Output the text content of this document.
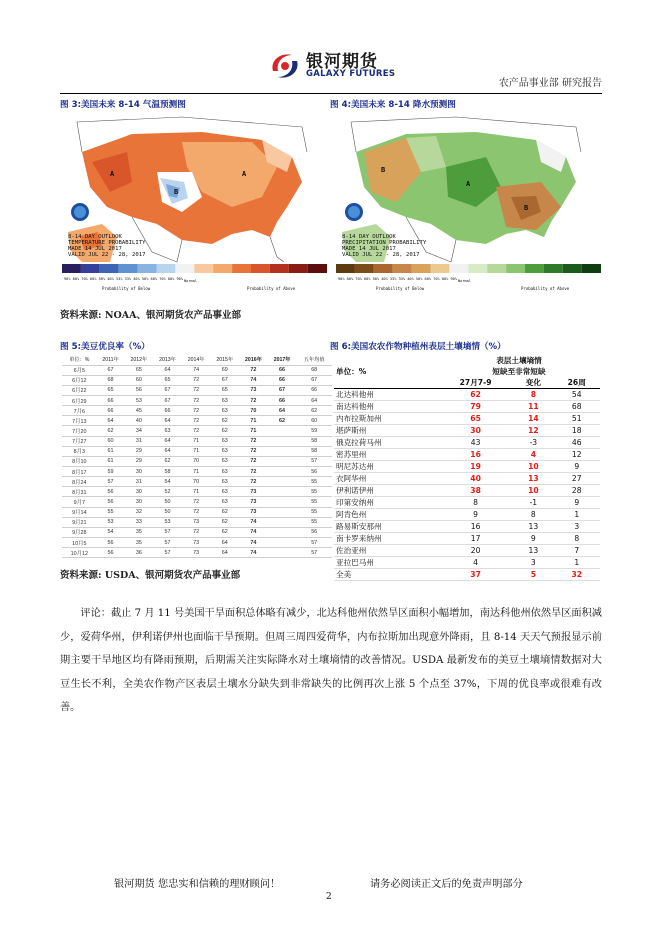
银河期货
GALAXY FUTURES
农产品事业部 研究报告
图 3:美国未来 8-14 气温预测图
B
A	A
8-14 DAY OUTLOOK
TEMPERATURE PROBABILITY
MADE 14 JUL 2017
VALID JUL 22 - 28, 2017
90% 80% 70% 60% 50% 40% 33% 33% 40% 50% 60% 70% 80% 90%
Probability of Below
Normal
Probability of Above
图 4:美国未来 8-14 降水预测图
B
A
B
8-14 DAY OUTLOOK
PRECIPITATION PROBABILITY
MADE 14 JUL 2017
VALID JUL 22 - 28, 2017
90% 80% 70% 60% 50% 40% 33% 33% 40% 50% 60% 70% 80% 90%
Probability of Below
Normal
Probability of Above
资料来源: NOAA、银河期货农产品事业部
图 5:美豆优良率（%）
单位：%	2011年	2012年	2013年	2014年	2015年	2016年	2017年	五年均值
6月5	67	65	64	74	69	72	66	68
6月12	68	60	65	72	67	74	66	67
6月22	65	56	67	72	65	73	67	66
6月29	66	53	67	72	63	72	66	64
7月6	66	45	66	72	63	70	64	62
7月13	64	40	64	72	62	71	62	60
7月20	62	34	63	72	62	71		59
7月27	60	31	64	71	63	72		58
8月3	61	29	64	71	63	72		58
8月10	61	29	62	70	63	72		57
8月17	59	30	58	71	63	72		56
8月24	57	31	54	70	63	72		55
8月31	56	30	52	71	63	73		55
9月7	56	30	50	72	63	73		55
9月14	55	32	50	72	62	73		55
9月21	53	33	53	73	62	74		55
9月28	54	35	57	72	62	74		56
10月5	56	35	57	73	64	74		57
10月12	56	36	57	73	64	74		57
图 6:美国农农作物种植州表层土壤墒情（%）
	表层土壤墒情		
单位：%	短缺至非常短缺		
	27月7-9	变化	26周
北达科他州	62	8	54
南达科他州	79	11	68
内布拉斯加州	65	14	51
堪萨斯州	30	12	18
俄克拉荷马州	43	-3	46
密苏里州	16	4	12
明尼苏达州	19	10	9
衣阿华州	40	13	27
伊利诺伊州	38	10	28
印第安纳州	8	-1	9
阿肯色州	9	8	1
路易斯安那州	16	13	3
南卡罗来纳州	17	9	8
佐治亚州	20	13	7
亚拉巴马州	4	3	1
全美	37	5	32
资料来源: USDA、银河期货农产品事业部

评论：截止 7 月 11 号美国干旱面积总体略有减少，北达科他州依然旱区面积小幅增加，南达科他州依然旱区面积减少，爱荷华州，伊利诺伊州也面临干旱预期。但周三周四爱荷华，内布拉斯加出现意外降雨，且 8-14 天天气预报显示前期主要干旱地区均有降雨预期，后期需关注实际降水对土壤墒情的改善情况。USDA 最新发布的美豆土壤墒情数据对大豆生长不利，全美农作物产区表层土壤水分缺失到非常缺失的比例再次上涨 5 个点至 37%，下周的优良率或很难有改善。

银河期货 您忠实和信赖的理财顾问！	请务必阅读正文后的免责声明部分
2
